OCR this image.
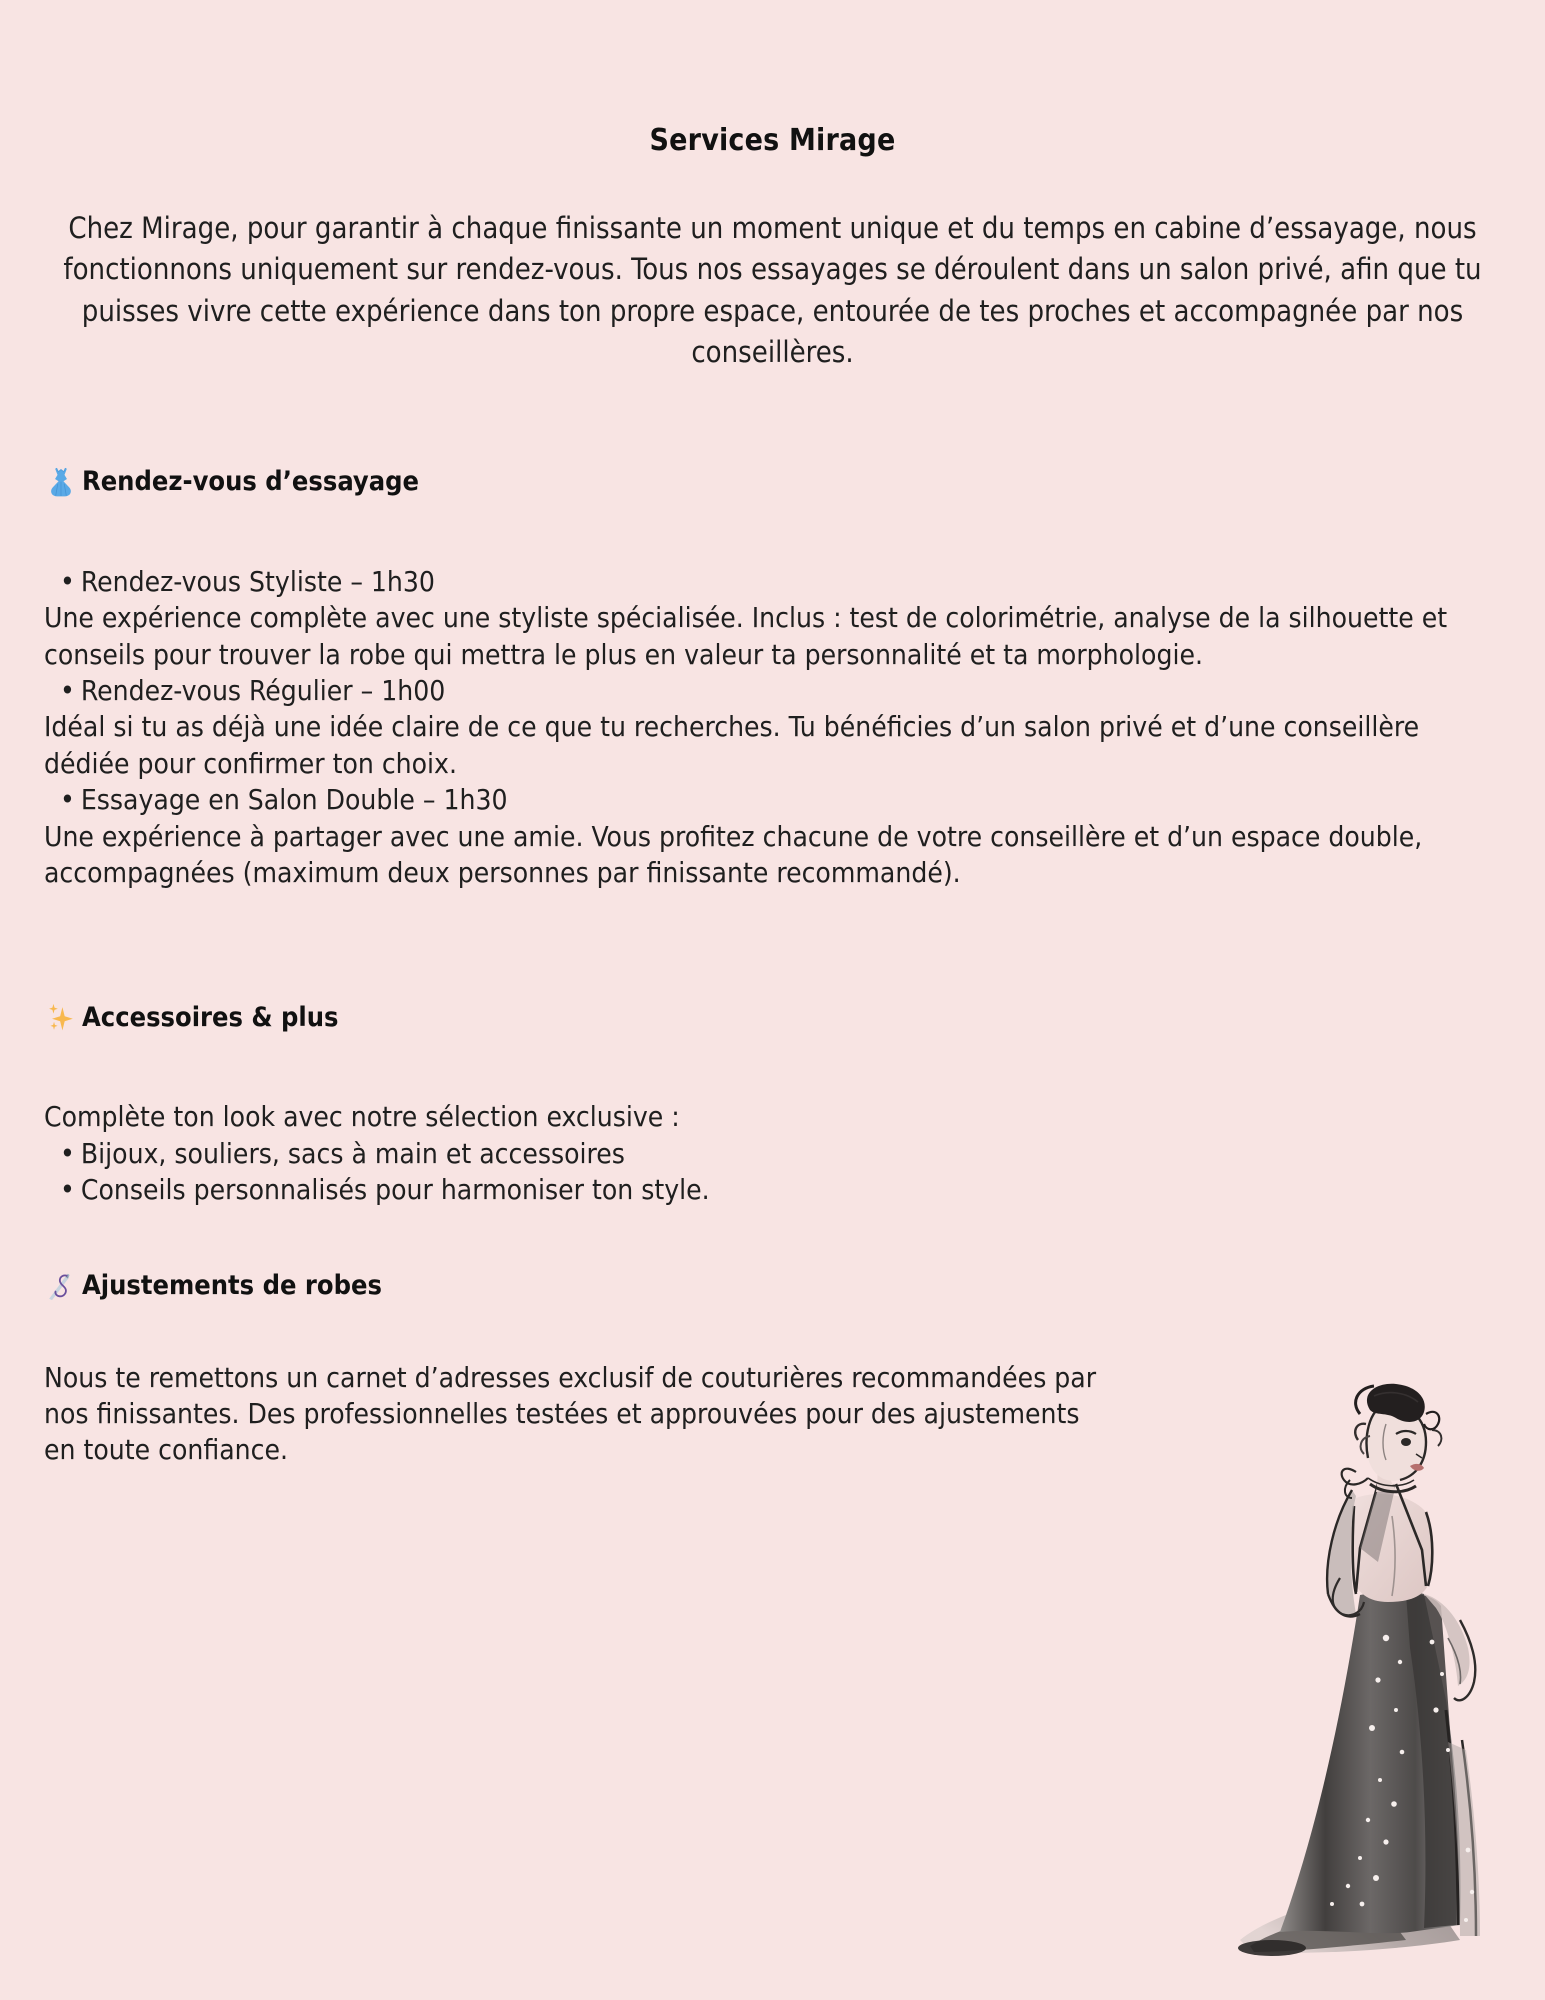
Services Mirage

Chez Mirage, pour garantir à chaque finissante un moment unique et du temps en cabine d’essayage, nous fonctionnons uniquement sur rendez-vous. Tous nos essayages se déroulent dans un salon privé, afin que tu puisses vivre cette expérience dans ton propre espace, entourée de tes proches et accompagnée par nos conseillères.

Rendez-vous d’essayage

• Rendez-vous Styliste – 1h30

Une expérience complète avec une styliste spécialisée. Inclus : test de colorimétrie, analyse de la silhouette et conseils pour trouver la robe qui mettra le plus en valeur ta personnalité et ta morphologie.

• Rendez-vous Régulier – 1h00

Idéal si tu as déjà une idée claire de ce que tu recherches. Tu bénéficies d’un salon privé et d’une conseillère dédiée pour confirmer ton choix.

• Essayage en Salon Double – 1h30

Une expérience à partager avec une amie. Vous profitez chacune de votre conseillère et d’un espace double, accompagnées (maximum deux personnes par finissante recommandé).

Accessoires & plus

Complète ton look avec notre sélection exclusive :

• Bijoux, souliers, sacs à main et accessoires

• Conseils personnalisés pour harmoniser ton style.

Ajustements de robes

Nous te remettons un carnet d’adresses exclusif de couturières recommandées par nos finissantes. Des professionnelles testées et approuvées pour des ajustements en toute confiance.
